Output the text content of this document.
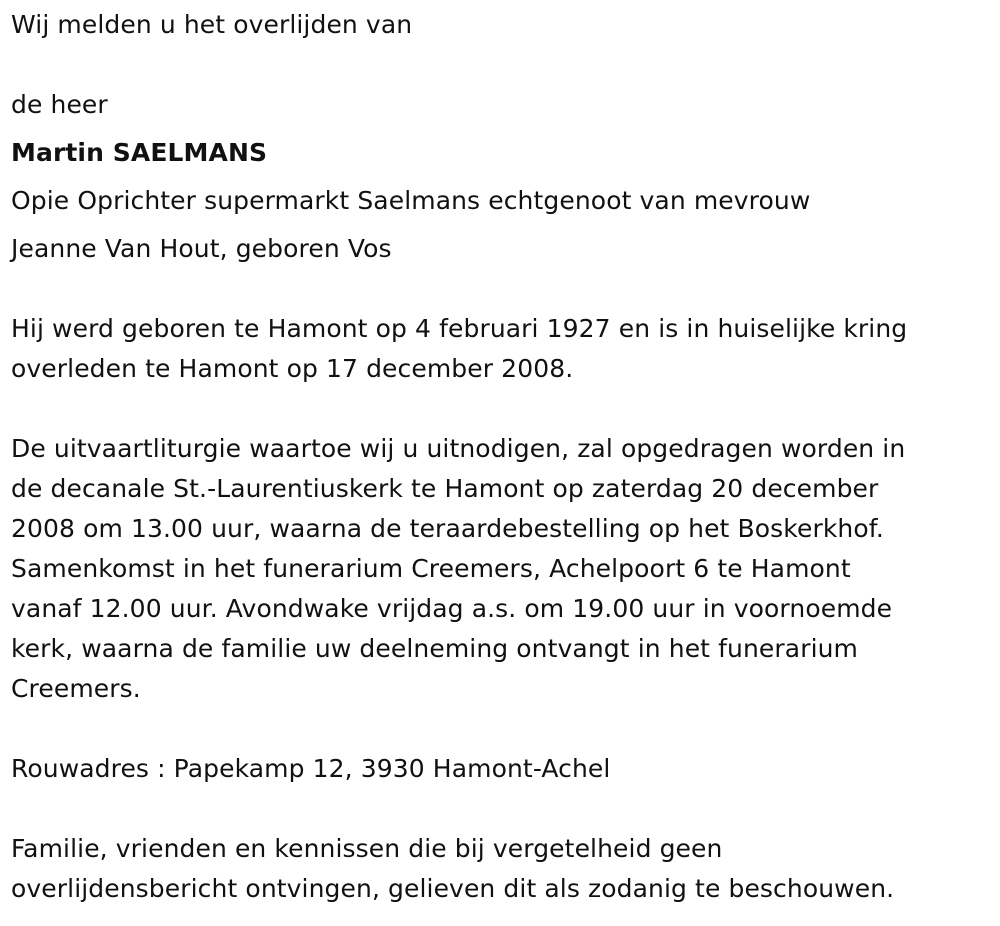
Wij melden u het overlijden van
de heer
Martin SAELMANS
Opie Oprichter supermarkt Saelmans echtgenoot van mevrouw
Jeanne Van Hout, geboren Vos
Hij werd geboren te Hamont op 4 februari 1927 en is in huiselijke kring
overleden te Hamont op 17 december 2008.
De uitvaartliturgie waartoe wij u uitnodigen, zal opgedragen worden in
de decanale St.-Laurentiuskerk te Hamont op zaterdag 20 december
2008 om 13.00 uur, waarna de teraardebestelling op het Boskerkhof.
Samenkomst in het funerarium Creemers, Achelpoort 6 te Hamont
vanaf 12.00 uur. Avondwake vrijdag a.s. om 19.00 uur in voornoemde
kerk, waarna de familie uw deelneming ontvangt in het funerarium
Creemers.
Rouwadres : Papekamp 12, 3930 Hamont-Achel
Familie, vrienden en kennissen die bij vergetelheid geen
overlijdensbericht ontvingen, gelieven dit als zodanig te beschouwen.
